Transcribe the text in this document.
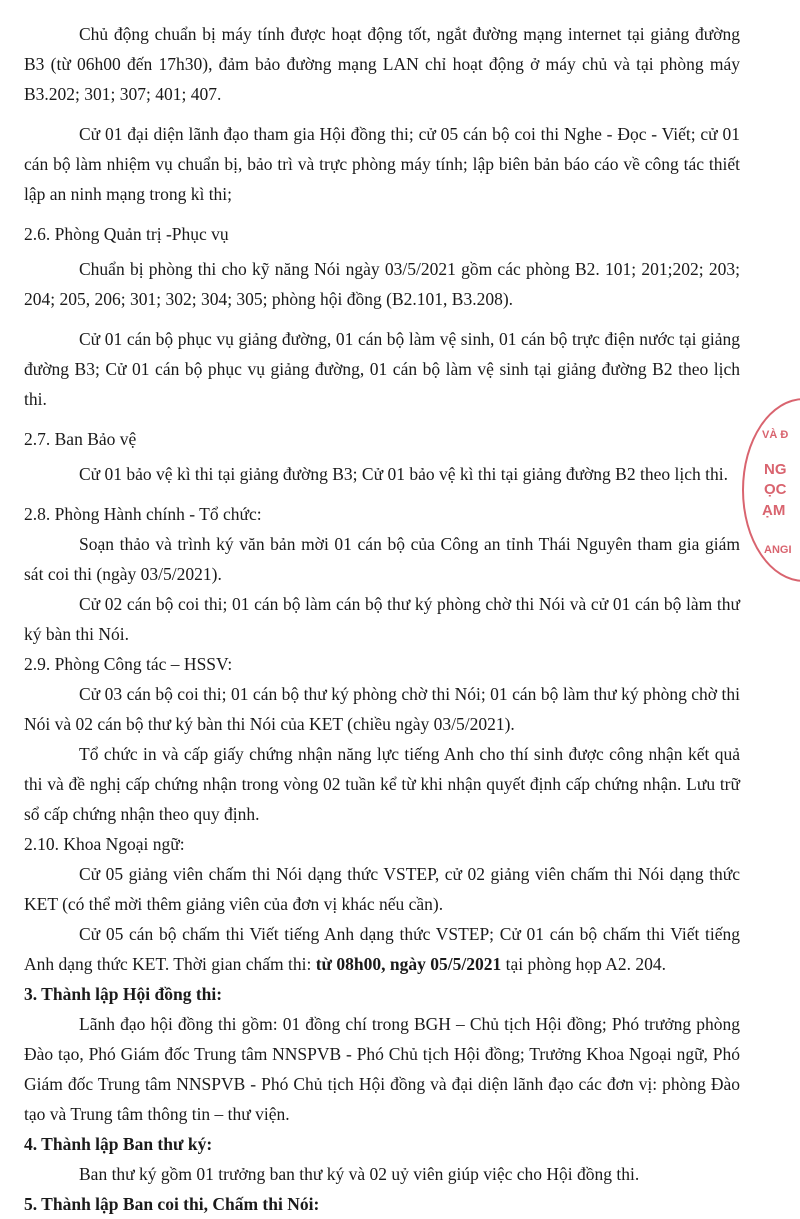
Chủ động chuẩn bị máy tính được hoạt động tốt, ngắt đường mạng internet tại giảng đường B3 (từ 06h00 đến 17h30), đảm bảo đường mạng LAN chỉ hoạt động ở máy chủ và tại phòng máy B3.202; 301; 307; 401; 407.

Cử 01 đại diện lãnh đạo tham gia Hội đồng thi; cử 05 cán bộ coi thi Nghe - Đọc - Viết; cử 01 cán bộ làm nhiệm vụ chuẩn bị, bảo trì và trực phòng máy tính; lập biên bản báo cáo về công tác thiết lập an ninh mạng trong kì thi;

2.6. Phòng Quản trị -Phục vụ

Chuẩn bị phòng thi cho kỹ năng Nói ngày 03/5/2021 gồm các phòng B2. 101; 201;202; 203; 204; 205, 206; 301; 302; 304; 305; phòng hội đồng (B2.101, B3.208).

Cử 01 cán bộ phục vụ giảng đường, 01 cán bộ làm vệ sinh, 01 cán bộ trực điện nước tại giảng đường B3; Cử 01 cán bộ phục vụ giảng đường, 01 cán bộ làm vệ sinh tại giảng đường B2 theo lịch thi.

2.7. Ban Bảo vệ

Cử 01 bảo vệ kì thi tại giảng đường B3; Cử 01 bảo vệ kì thi tại giảng đường B2 theo lịch thi.

2.8. Phòng Hành chính - Tổ chức:

Soạn thảo và trình ký văn bản mời 01 cán bộ của Công an tỉnh Thái Nguyên tham gia giám sát coi thi (ngày 03/5/2021).

Cử 02 cán bộ coi thi; 01 cán bộ làm cán bộ thư ký phòng chờ thi Nói và cử 01 cán bộ làm thư ký bàn thi Nói.

2.9. Phòng Công tác – HSSV:

Cử 03 cán bộ coi thi; 01 cán bộ thư ký phòng chờ thi Nói; 01 cán bộ làm thư ký phòng chờ thi Nói và 02 cán bộ thư ký bàn thi Nói của KET (chiều ngày 03/5/2021).

Tổ chức in và cấp giấy chứng nhận năng lực tiếng Anh cho thí sinh được công nhận kết quả thi và đề nghị cấp chứng nhận trong vòng 02 tuần kể từ khi nhận quyết định cấp chứng nhận. Lưu trữ sổ cấp chứng nhận theo quy định.

2.10. Khoa Ngoại ngữ:

Cử 05 giảng viên chấm thi Nói dạng thức VSTEP, cử 02 giảng viên chấm thi Nói dạng thức KET (có thể mời thêm giảng viên của đơn vị khác nếu cần).

Cử 05 cán bộ chấm thi Viết tiếng Anh dạng thức VSTEP; Cử 01 cán bộ chấm thi Viết tiếng Anh dạng thức KET. Thời gian chấm thi: từ 08h00, ngày 05/5/2021 tại phòng họp A2. 204.

3. Thành lập Hội đồng thi:

Lãnh đạo hội đồng thi gồm: 01 đồng chí trong BGH – Chủ tịch Hội đồng; Phó trưởng phòng Đào tạo, Phó Giám đốc Trung tâm NNSPVB - Phó Chủ tịch Hội đồng; Trưởng Khoa Ngoại ngữ, Phó Giám đốc Trung tâm NNSPVB - Phó Chủ tịch Hội đồng và đại diện lãnh đạo các đơn vị: phòng Đào tạo và Trung tâm thông tin – thư viện.

4. Thành lập Ban thư ký:

Ban thư ký gồm 01 trưởng ban thư ký và 02 uỷ viên giúp việc cho Hội đồng thi.

5. Thành lập Ban coi thi, Chấm thi Nói:

VÀ Đ
NG
ỌC
ẠM
ANGI
